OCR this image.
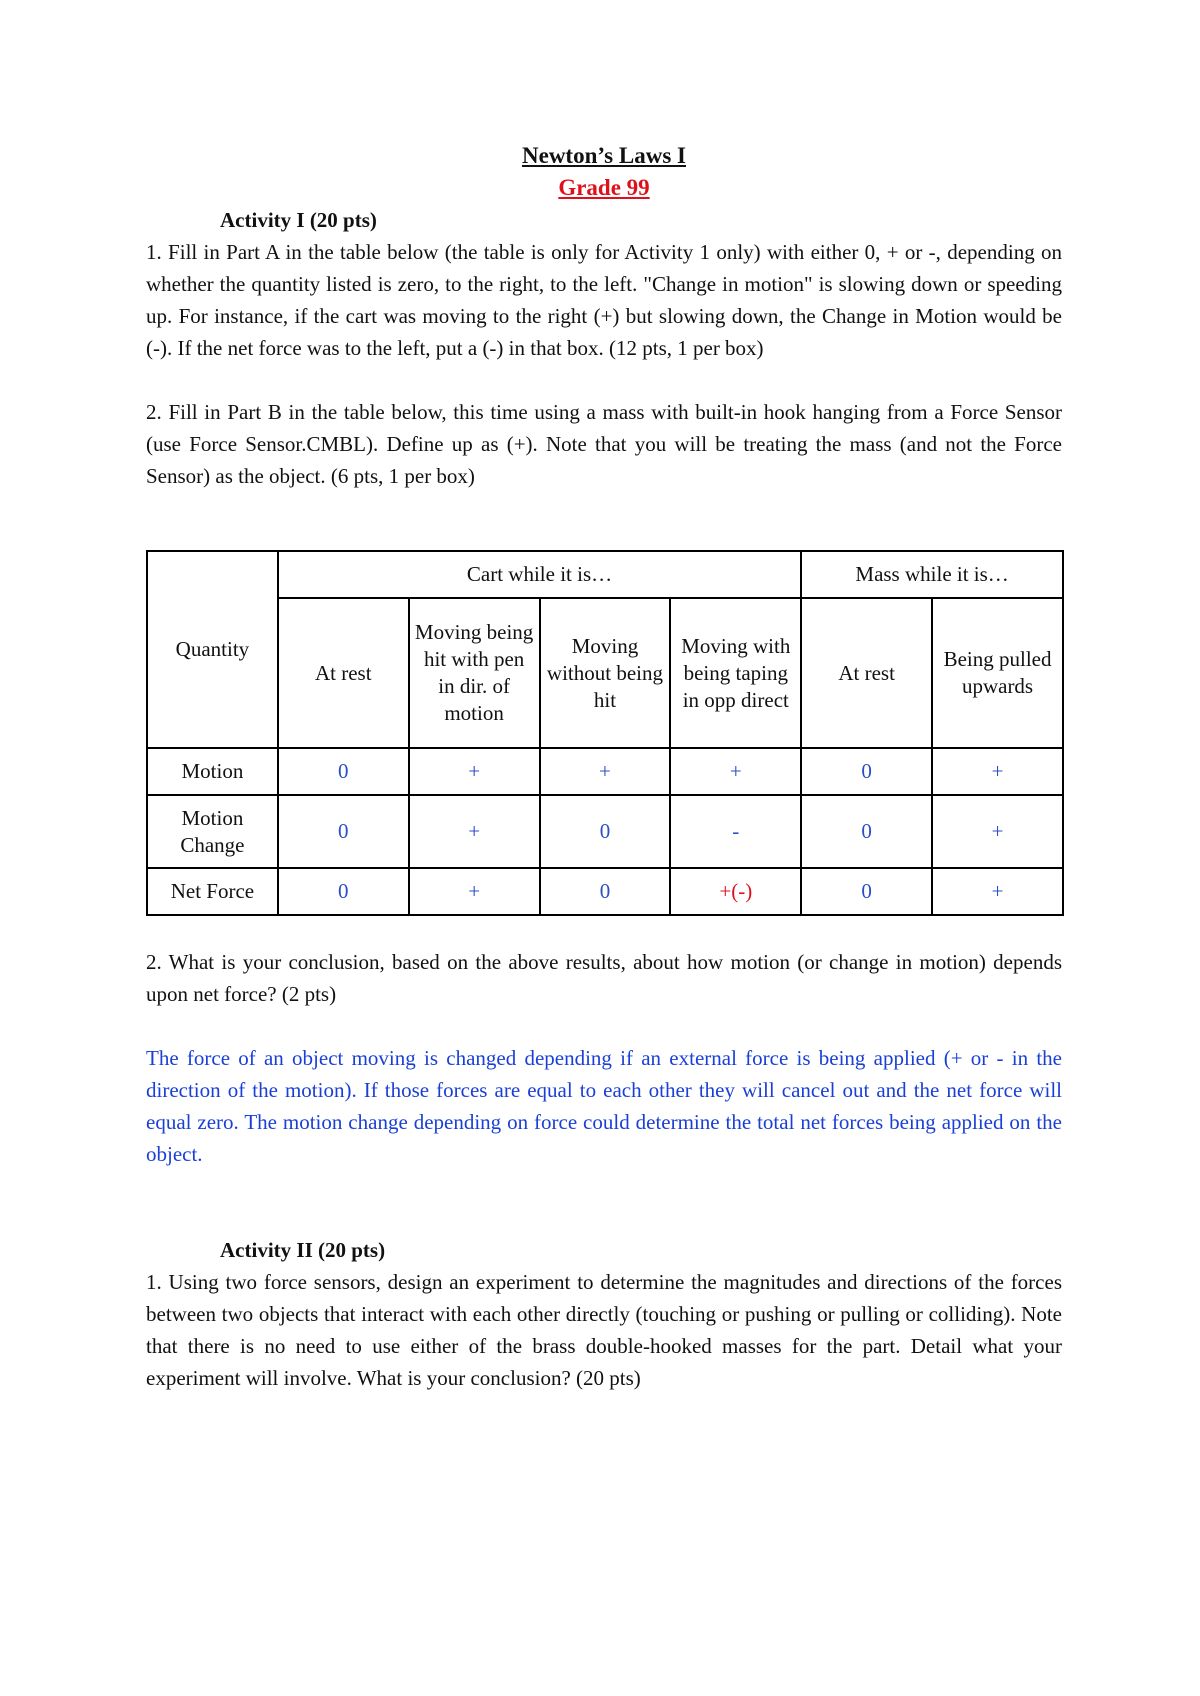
Newton’s Laws I
Grade 99
Activity I (20 pts)

1. Fill in Part A in the table below (the table is only for Activity 1 only) with either 0, + or -, depending on whether the quantity listed is zero, to the right, to the left. "Change in motion" is slowing down or speeding up. For instance, if the cart was moving to the right (+) but slowing down, the Change in Motion would be (-). If the net force was to the left, put a (-) in that box. (12 pts, 1 per box)

2. Fill in Part B in the table below, this time using a mass with built-in hook hanging from a Force Sensor (use Force Sensor.CMBL). Define up as (+). Note that you will be treating the mass (and not the Force Sensor) as the object. (6 pts, 1 per box)

Quantity	Cart while it is…				Mass while it is…	
	At rest	Moving being hit with pen in dir. of motion	Moving without being hit	Moving with being taping in opp direct	At rest	Being pulled upwards
Motion	0	+	+	+	0	+
Motion Change	0	+	0	-	0	+
Net Force	0	+	0	+(-)	0	+

2. What is your conclusion, based on the above results, about how motion (or change in motion) depends upon net force? (2 pts)

The force of an object moving is changed depending if an external force is being applied (+ or - in the direction of the motion). If those forces are equal to each other they will cancel out and the net force will equal zero. The motion change depending on force could determine the total net forces being applied on the object.

Activity II (20 pts)

1. Using two force sensors, design an experiment to determine the magnitudes and directions of the forces between two objects that interact with each other directly (touching or pushing or pulling or colliding). Note that there is no need to use either of the brass double-hooked masses for the part. Detail what your experiment will involve. What is your conclusion? (20 pts)
